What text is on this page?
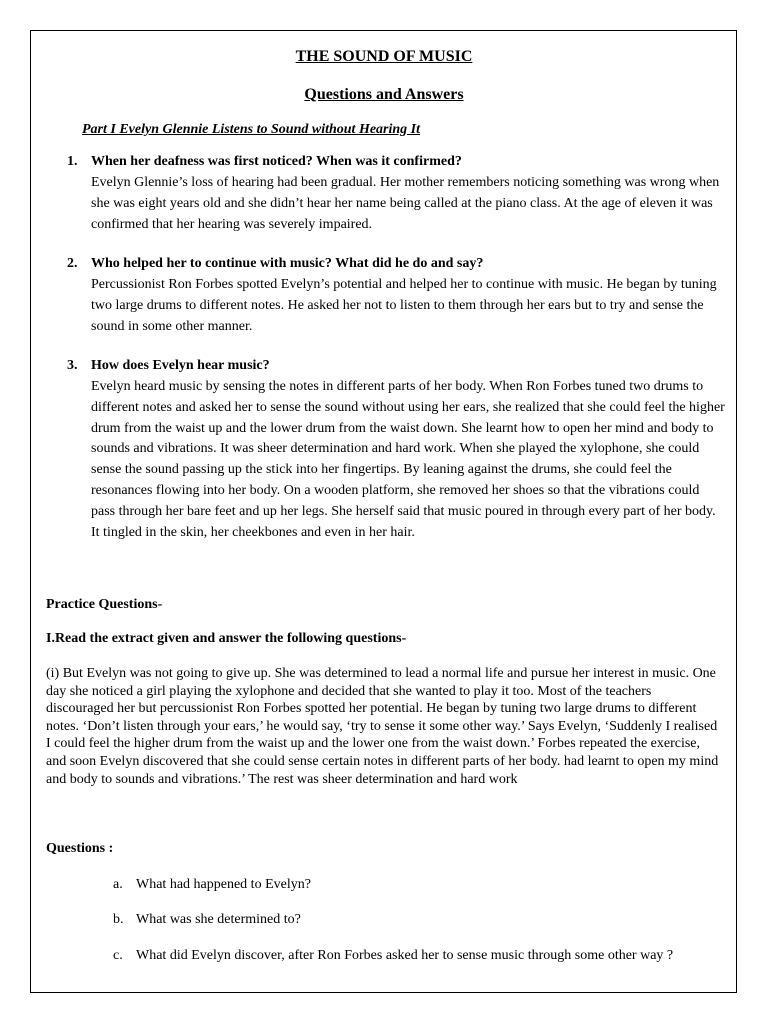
THE SOUND OF MUSIC
Questions and Answers
Part I Evelyn Glennie Listens to Sound without Hearing It
1. When her deafness was first noticed? When was it confirmed?
Evelyn Glennie’s loss of hearing had been gradual. Her mother remembers noticing something was wrong when she was eight years old and she didn’t hear her name being called at the piano class. At the age of eleven it was confirmed that her hearing was severely impaired.
2. Who helped her to continue with music? What did he do and say?
Percussionist Ron Forbes spotted Evelyn’s potential and helped her to continue with music. He began by tuning two large drums to different notes. He asked her not to listen to them through her ears but to try and sense the sound in some other manner.
3. How does Evelyn hear music?
Evelyn heard music by sensing the notes in different parts of her body. When Ron Forbes tuned two drums to different notes and asked her to sense the sound without using her ears, she realized that she could feel the higher drum from the waist up and the lower drum from the waist down. She learnt how to open her mind and body to sounds and vibrations. It was sheer determination and hard work. When she played the xylophone, she could sense the sound passing up the stick into her fingertips. By leaning against the drums, she could feel the resonances flowing into her body. On a wooden platform, she removed her shoes so that the vibrations could pass through her bare feet and up her legs. She herself said that music poured in through every part of her body. It tingled in the skin, her cheekbones and even in her hair.
Practice Questions-
I.Read the extract given and answer the following questions-
(i) But Evelyn was not going to give up. She was determined to lead a normal life and pursue her interest in music. One day she noticed a girl playing the xylophone and decided that she wanted to play it too. Most of the teachers discouraged her but percussionist Ron Forbes spotted her potential. He began by tuning two large drums to different notes. ‘Don’t listen through your ears,’ he would say, ‘try to sense it some other way.’ Says Evelyn, ‘Suddenly I realised I could feel the higher drum from the waist up and the lower one from the waist down.’ Forbes repeated the exercise, and soon Evelyn discovered that she could sense certain notes in different parts of her body. had learnt to open my mind and body to sounds and vibrations.’ The rest was sheer determination and hard work
Questions :
a. What had happened to Evelyn?
b. What was she determined to?
c. What did Evelyn discover, after Ron Forbes asked her to sense music through some other way ?
